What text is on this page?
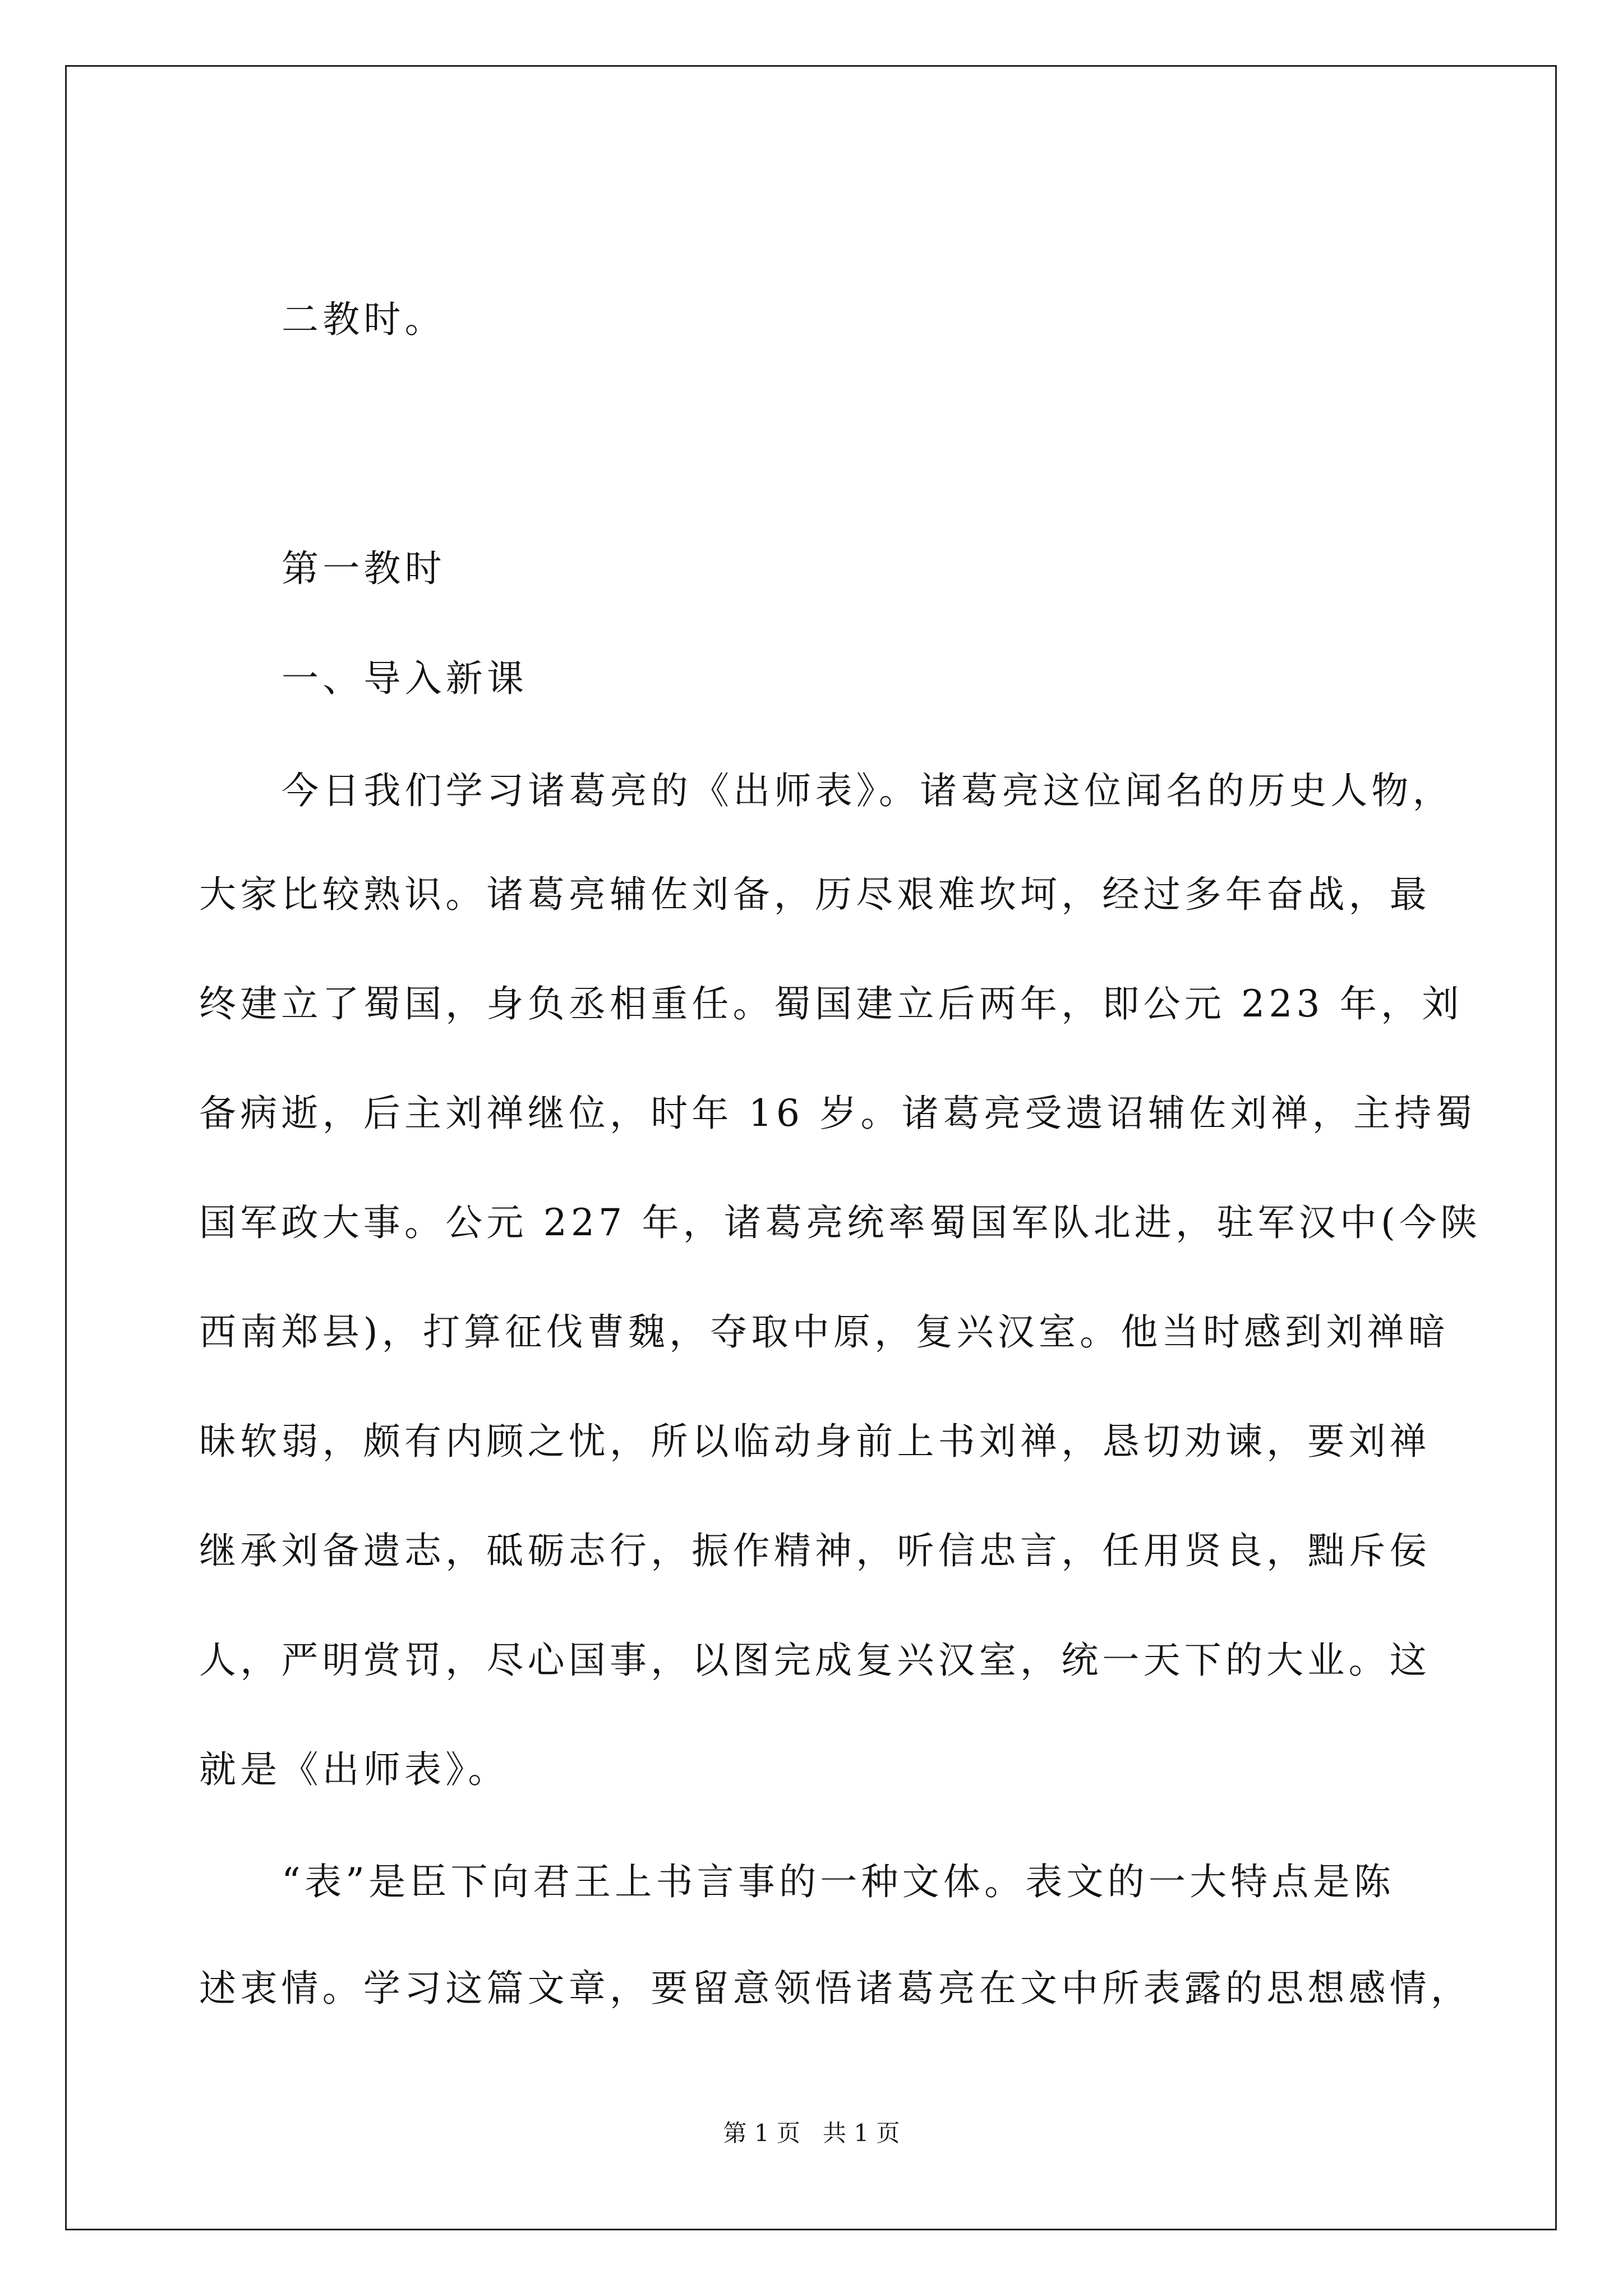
二教时。
第一教时
一、导入新课
今日我们学习诸葛亮的《出师表》。诸葛亮这位闻名的历史人物，
大家比较熟识。诸葛亮辅佐刘备，历尽艰难坎坷，经过多年奋战，最
终建立了蜀国，身负丞相重任。蜀国建立后两年，即公元 223 年，刘
备病逝，后主刘禅继位，时年 16 岁。诸葛亮受遗诏辅佐刘禅，主持蜀
国军政大事。公元 227 年，诸葛亮统率蜀国军队北进，驻军汉中(今陕
西南郑县)，打算征伐曹魏，夺取中原，复兴汉室。他当时感到刘禅暗
昧软弱，颇有内顾之忧，所以临动身前上书刘禅，恳切劝谏，要刘禅
继承刘备遗志，砥砺志行，振作精神，听信忠言，任用贤良，黜斥佞
人，严明赏罚，尽心国事，以图完成复兴汉室，统一天下的大业。这
就是《出师表》。
“表”是臣下向君王上书言事的一种文体。表文的一大特点是陈
述衷情。学习这篇文章，要留意领悟诸葛亮在文中所表露的思想感情，
第 1 页   共 1 页
